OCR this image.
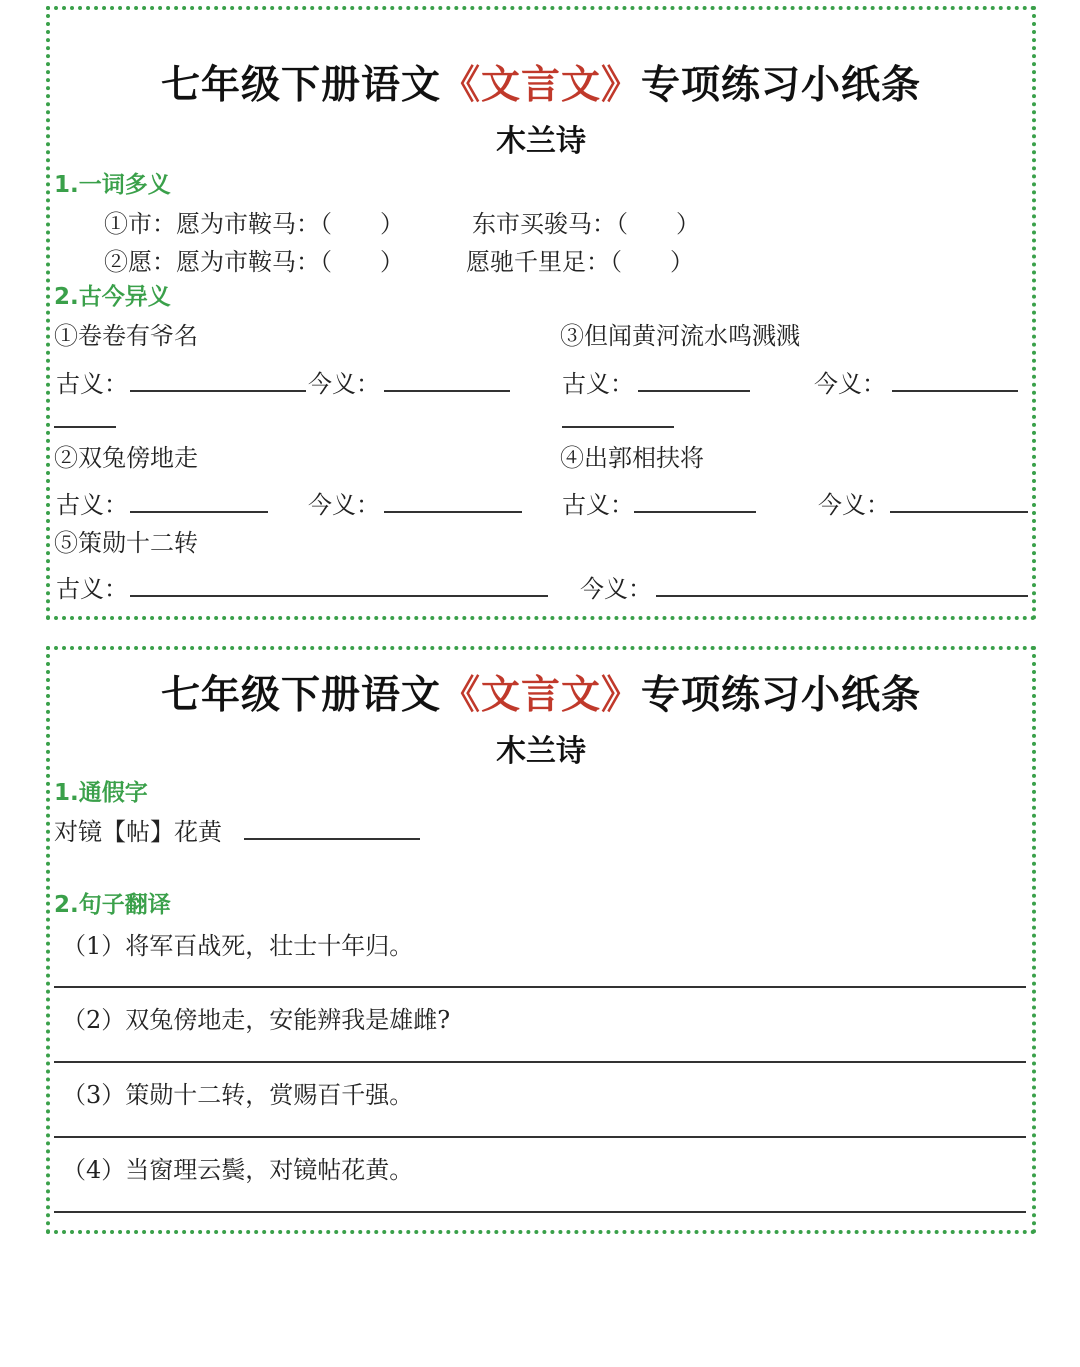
七年级下册语文《文言文》专项练习小纸条
木兰诗
1.一词多义
①市：愿为市鞍马：（　　）	东市买骏马：（　　）
②愿：愿为市鞍马：（　　）	愿驰千里足：（　　）
2.古今异义
①卷卷有爷名	③但闻黄河流水鸣溅溅
古义：	今义：	古义：	今义：
②双兔傍地走	④出郭相扶将
古义：	今义：	古义：	今义：
⑤策勋十二转
古义：	今义：
七年级下册语文《文言文》专项练习小纸条
木兰诗
1.通假字
对镜【帖】花黄
2.句子翻译
（1）将军百战死，壮士十年归。
（2）双兔傍地走，安能辨我是雄雌?
（3）策勋十二转，赏赐百千强。
（4）当窗理云鬓，对镜帖花黄。
